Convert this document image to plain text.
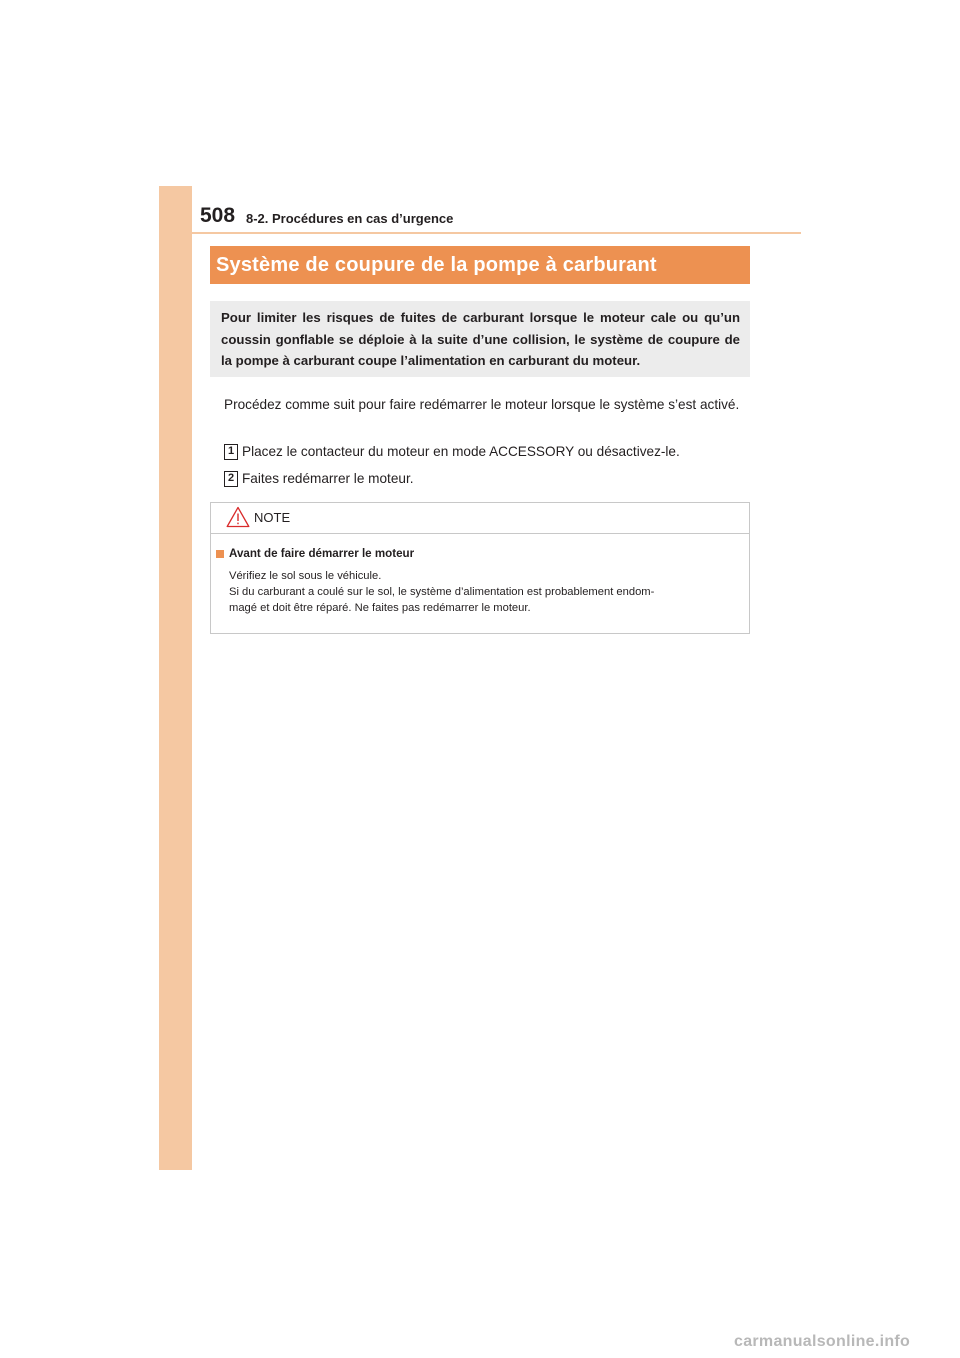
508 8-2. Procédures en cas d’urgence
Système de coupure de la pompe à carburant

Pour limiter les risques de fuites de carburant lorsque le moteur cale ou qu’un coussin gonflable se déploie à la suite d’une collision, le système de coupure de la pompe à carburant coupe l’alimentation en carburant du moteur.

Procédez comme suit pour faire redémarrer le moteur lorsque le système s’est activé.

1 Placez le contacteur du moteur en mode ACCESSORY ou désactivez-le.
2 Faites redémarrer le moteur.
NOTE
Avant de faire démarrer le moteur
Vérifiez le sol sous le véhicule.
Si du carburant a coulé sur le sol, le système d’alimentation est probablement endom-
magé et doit être réparé. Ne faites pas redémarrer le moteur.
carmanualsonline.info
